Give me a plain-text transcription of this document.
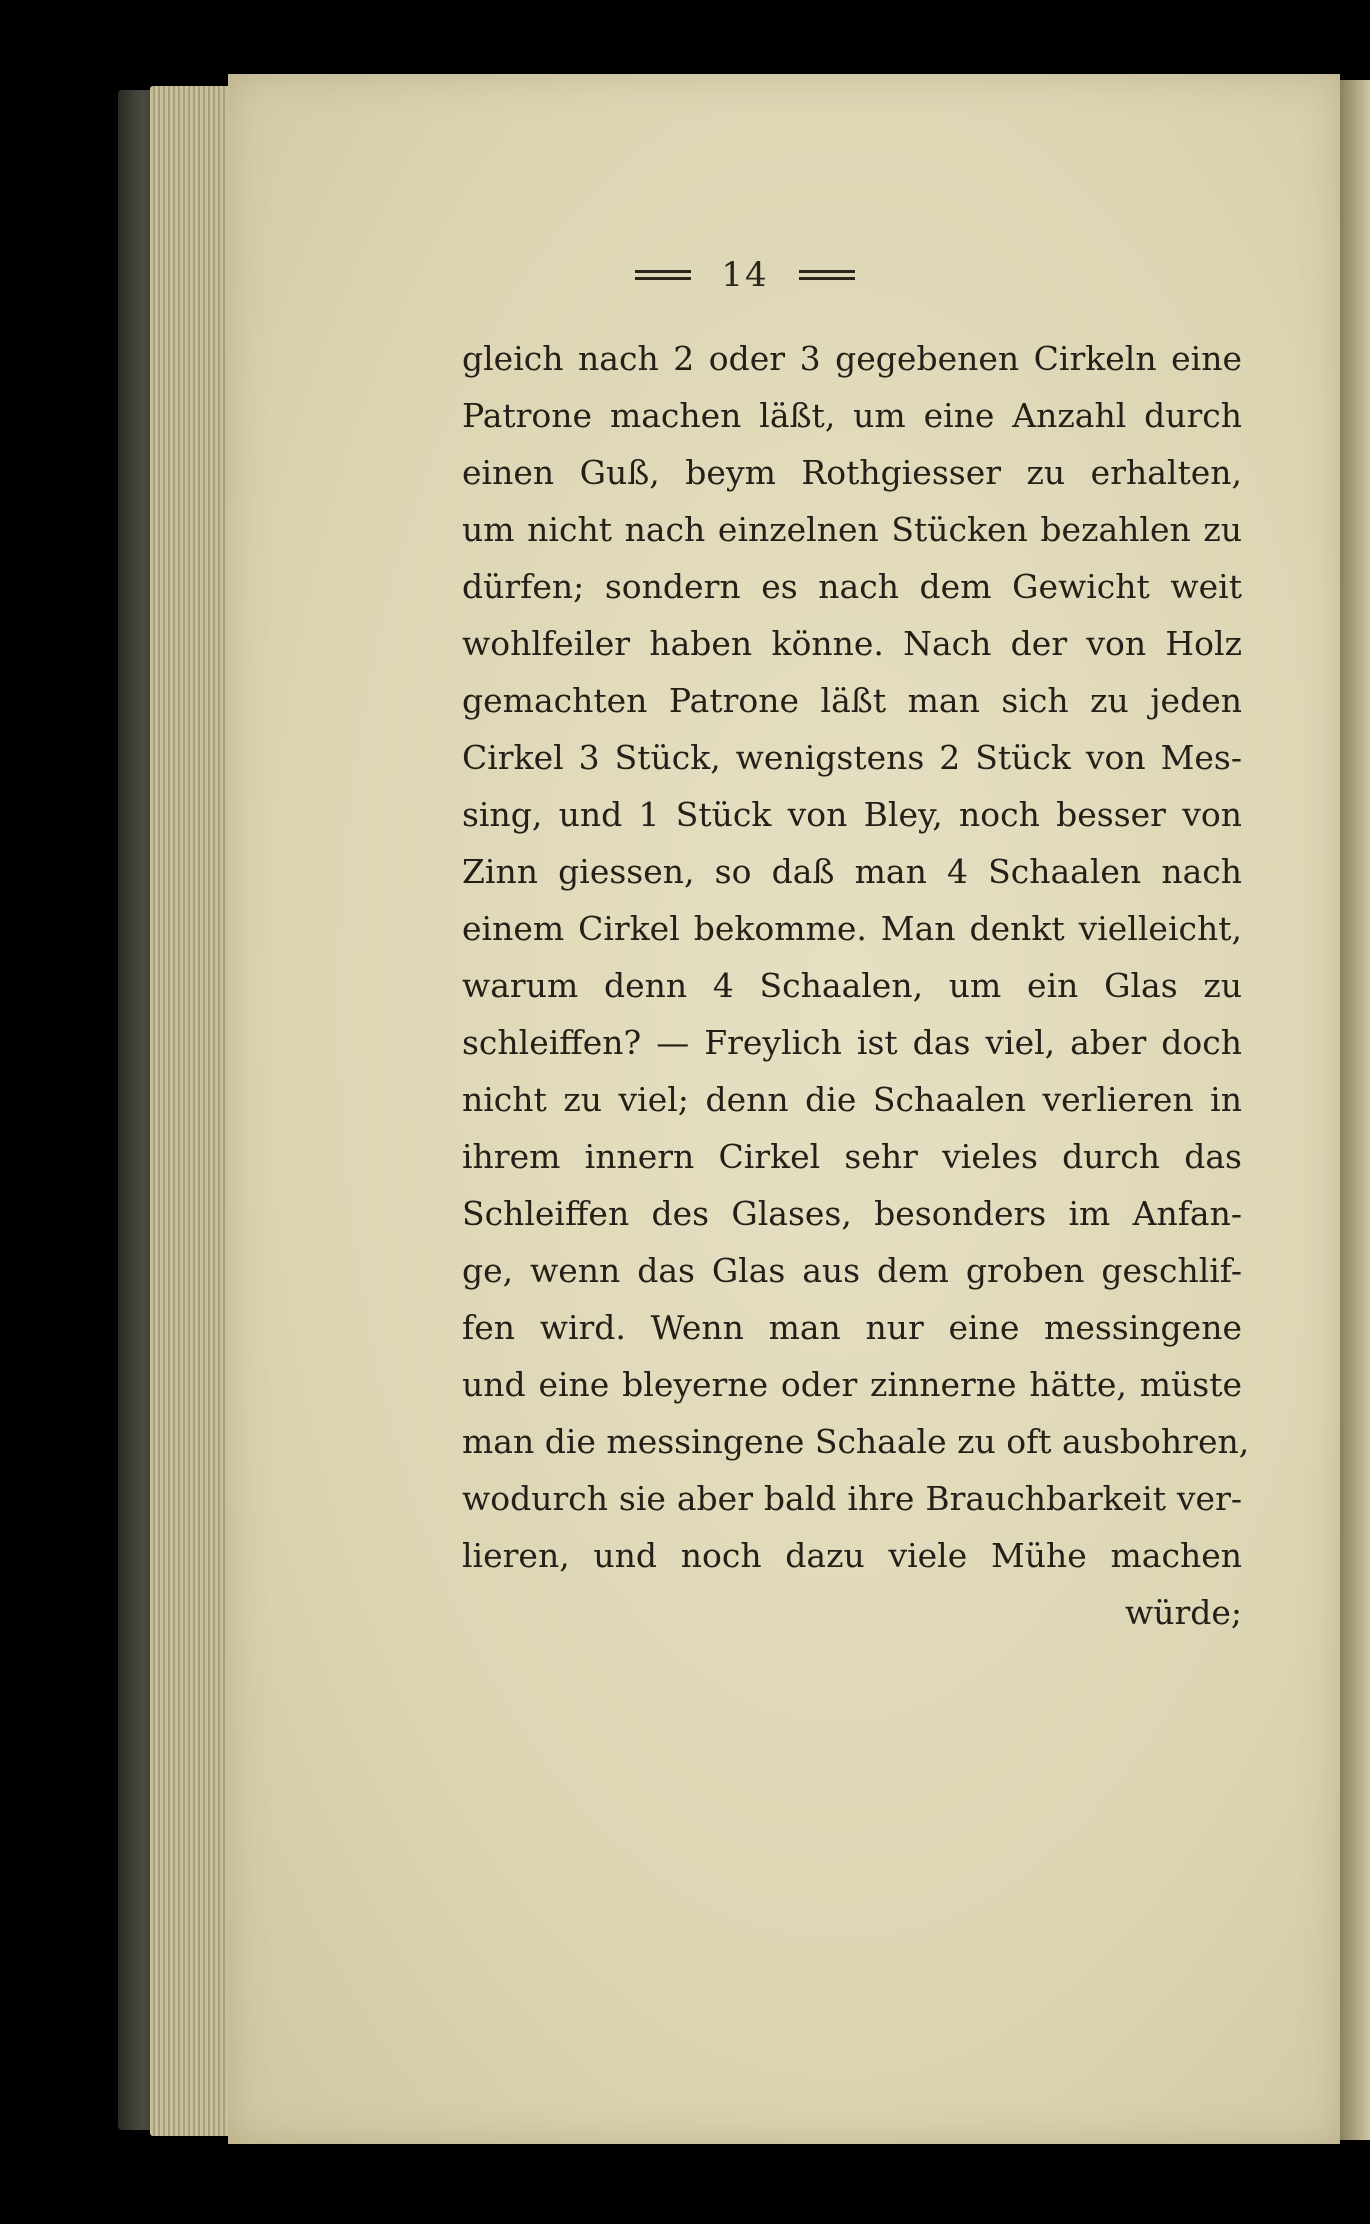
14
gleich nach 2 oder 3 gegebenen Cirkeln eine
Patrone machen läßt, um eine Anzahl durch
einen Guß, beym Rothgiesser zu erhalten,
um nicht nach einzelnen Stücken bezahlen zu
dürfen; sondern es nach dem Gewicht weit
wohlfeiler haben könne. Nach der von Holz
gemachten Patrone läßt man sich zu jeden
Cirkel 3 Stück, wenigstens 2 Stück von Mes-
sing, und 1 Stück von Bley, noch besser von
Zinn giessen, so daß man 4 Schaalen nach
einem Cirkel bekomme. Man denkt vielleicht,
warum denn 4 Schaalen, um ein Glas zu
schleiffen? — Freylich ist das viel, aber doch
nicht zu viel; denn die Schaalen verlieren in
ihrem innern Cirkel sehr vieles durch das
Schleiffen des Glases, besonders im Anfan-
ge, wenn das Glas aus dem groben geschlif-
fen wird. Wenn man nur eine messingene
und eine bleyerne oder zinnerne hätte, müste
man die messingene Schaale zu oft ausbohren,
wodurch sie aber bald ihre Brauchbarkeit ver-
lieren, und noch dazu viele Mühe machen
würde;
